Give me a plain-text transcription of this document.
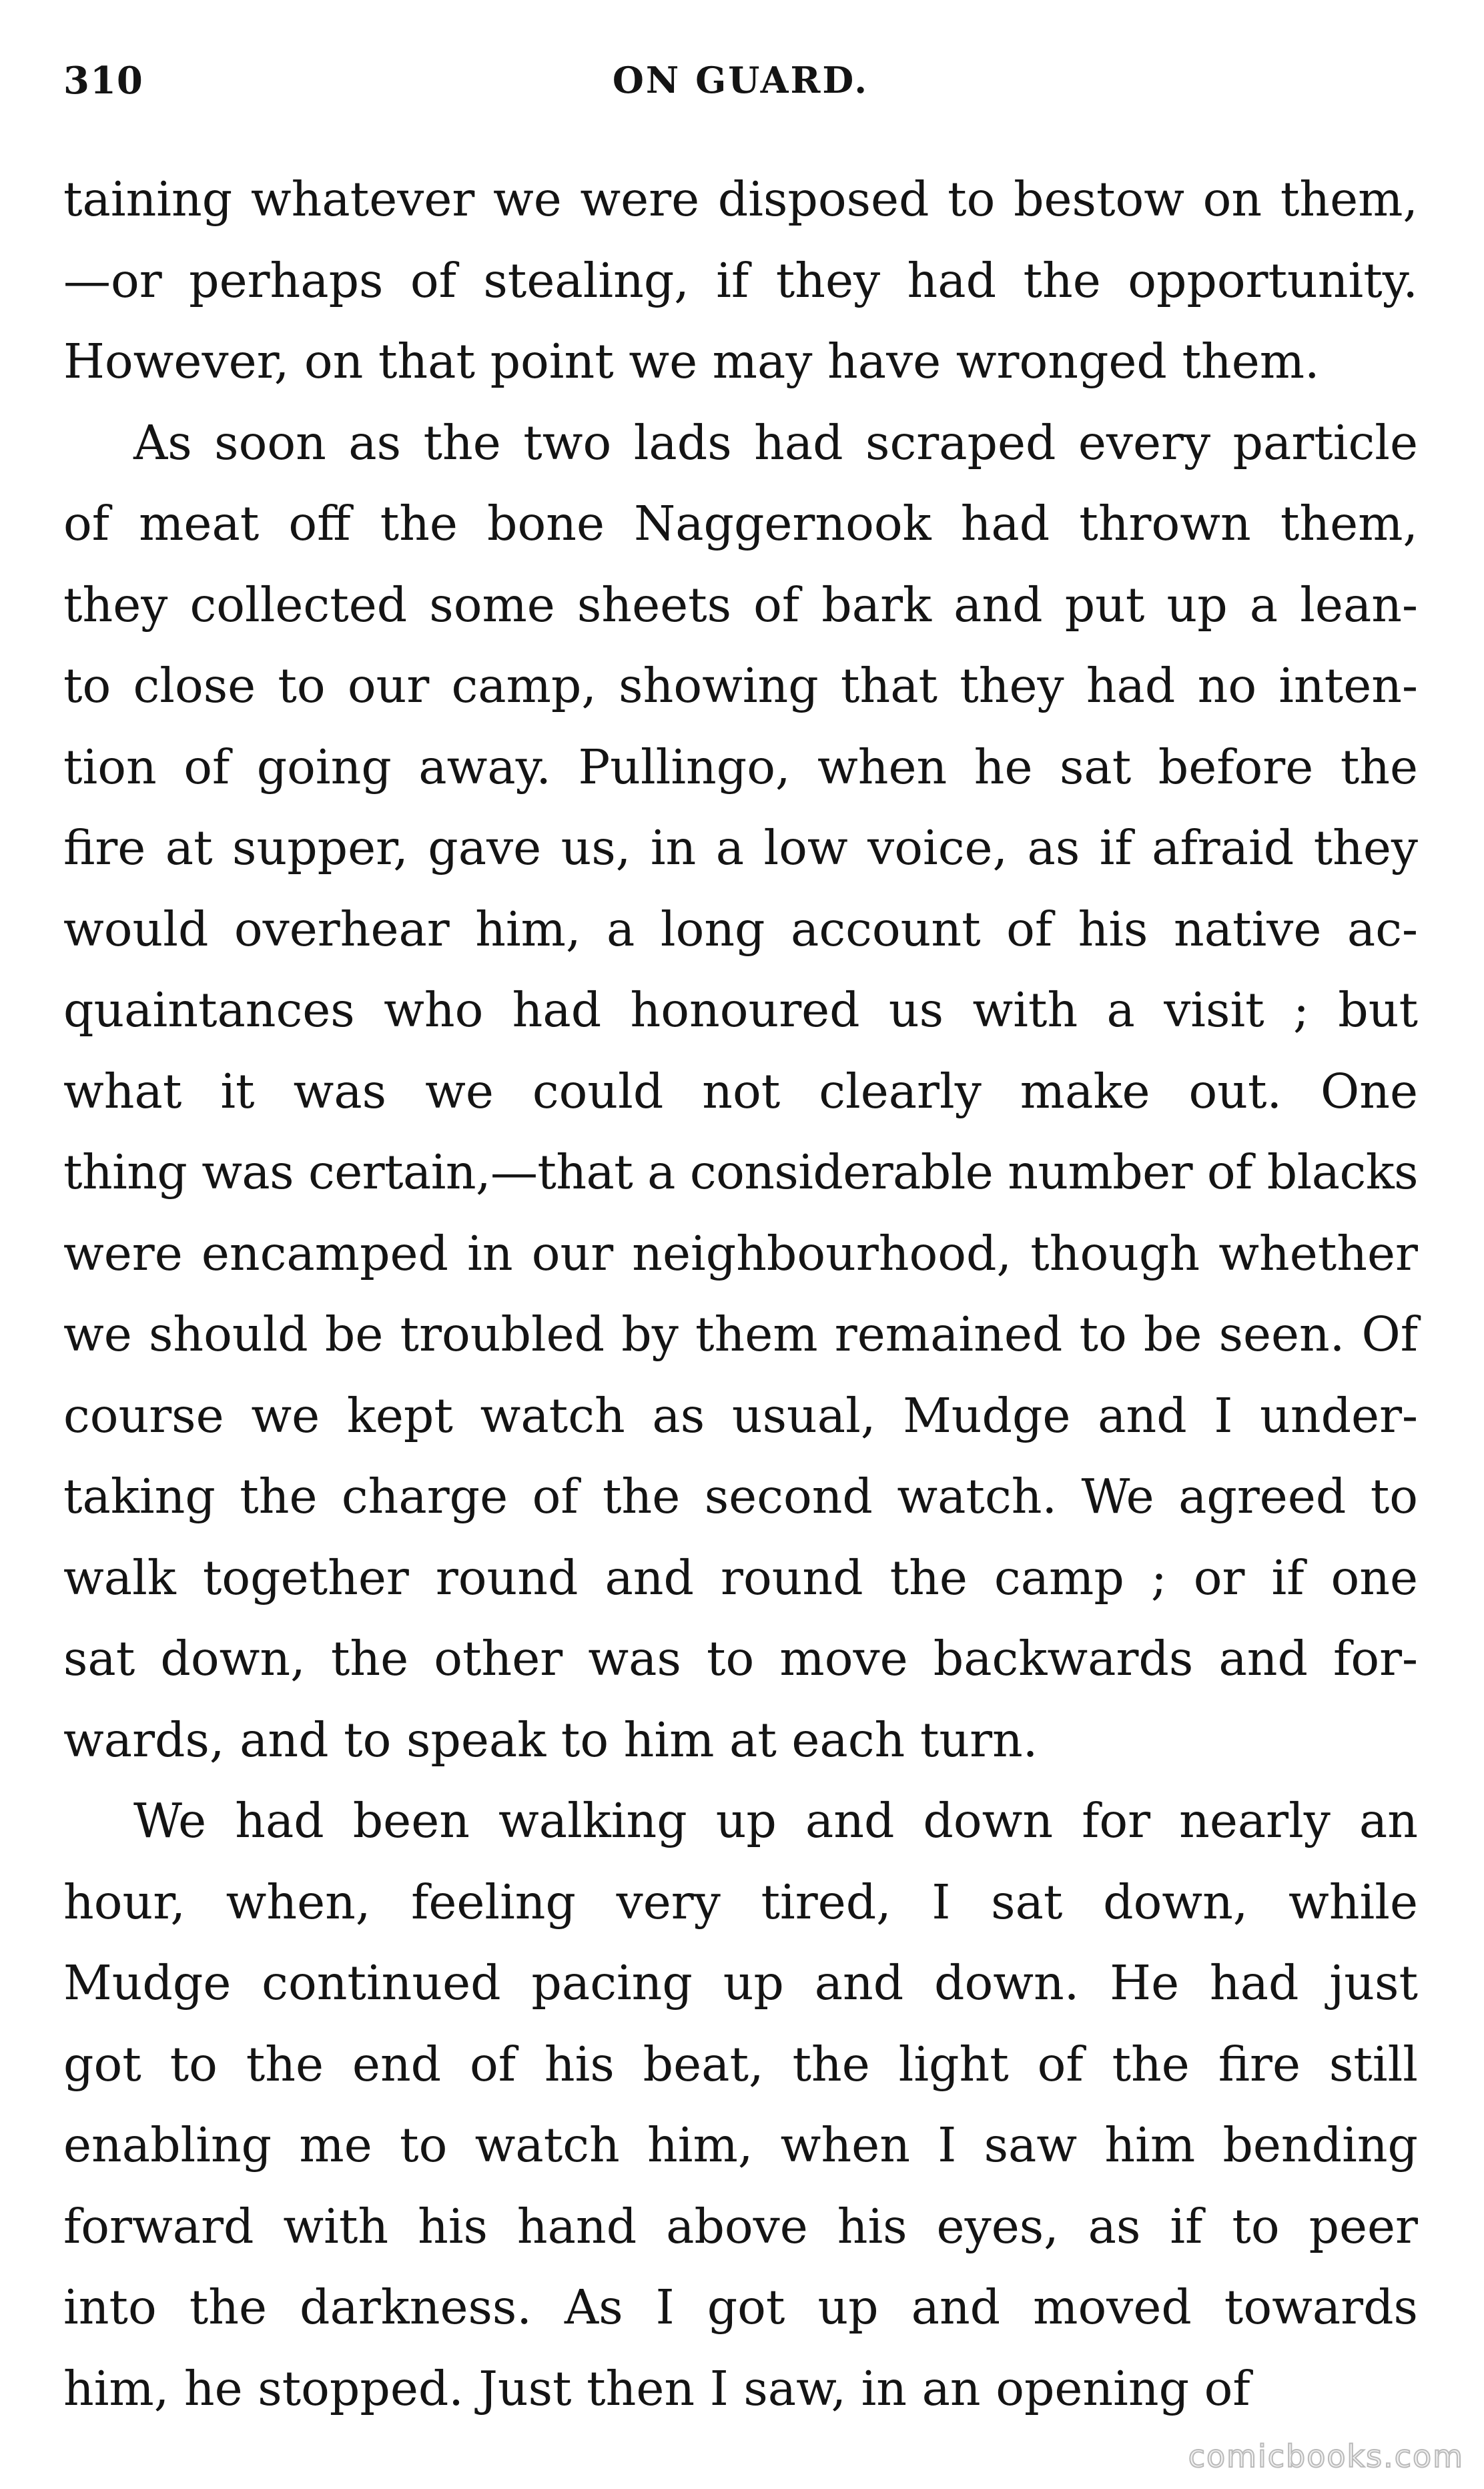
310	ON GUARD.

taining whatever we were disposed to bestow on them,
—or perhaps of stealing, if they had the opportunity.
However, on that point we may have wronged them.

As soon as the two lads had scraped every particle
of meat off the bone Naggernook had thrown them,
they collected some sheets of bark and put up a lean-
to close to our camp, showing that they had no inten-
tion of going away. Pullingo, when he sat before the
fire at supper, gave us, in a low voice, as if afraid they
would overhear him, a long account of his native ac-
quaintances who had honoured us with a visit ; but
what it was we could not clearly make out. One
thing was certain,—that a considerable number of blacks
were encamped in our neighbourhood, though whether
we should be troubled by them remained to be seen. Of
course we kept watch as usual, Mudge and I under-
taking the charge of the second watch. We agreed to
walk together round and round the camp ; or if one
sat down, the other was to move backwards and for-
wards, and to speak to him at each turn.

We had been walking up and down for nearly an
hour, when, feeling very tired, I sat down, while
Mudge continued pacing up and down. He had just
got to the end of his beat, the light of the fire still
enabling me to watch him, when I saw him bending
forward with his hand above his eyes, as if to peer
into the darkness. As I got up and moved towards
him, he stopped. Just then I saw, in an opening of

comicbooks.com
